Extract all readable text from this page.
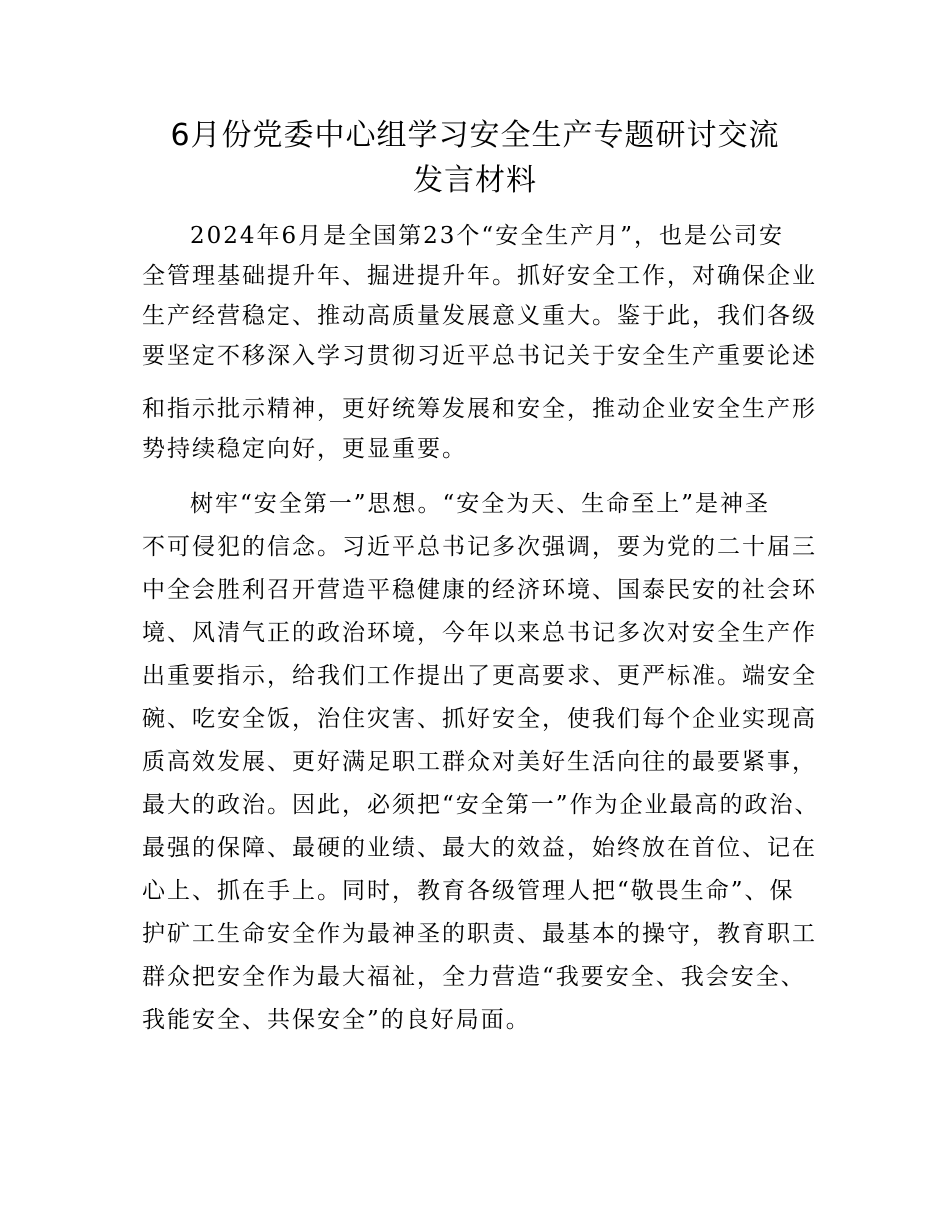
6月份党委中心组学习安全生产专题研讨交流
发言材料
2024年6月是全国第23个“安全生产月”，也是公司安
全管理基础提升年、掘进提升年。抓好安全工作，对确保企业
生产经营稳定、推动高质量发展意义重大。鉴于此，我们各级
要坚定不移深入学习贯彻习近平总书记关于安全生产重要论述
和指示批示精神，更好统筹发展和安全，推动企业安全生产形
势持续稳定向好，更显重要。
树牢“安全第一”思想。“安全为天、生命至上”是神圣
不可侵犯的信念。习近平总书记多次强调，要为党的二十届三
中全会胜利召开营造平稳健康的经济环境、国泰民安的社会环
境、风清气正的政治环境，今年以来总书记多次对安全生产作
出重要指示，给我们工作提出了更高要求、更严标准。端安全
碗、吃安全饭，治住灾害、抓好安全，使我们每个企业实现高
质高效发展、更好满足职工群众对美好生活向往的最要紧事，
最大的政治。因此，必须把“安全第一”作为企业最高的政治、
最强的保障、最硬的业绩、最大的效益，始终放在首位、记在
心上、抓在手上。同时，教育各级管理人把“敬畏生命”、保
护矿工生命安全作为最神圣的职责、最基本的操守，教育职工
群众把安全作为最大福祉，全力营造“我要安全、我会安全、
我能安全、共保安全”的良好局面。
